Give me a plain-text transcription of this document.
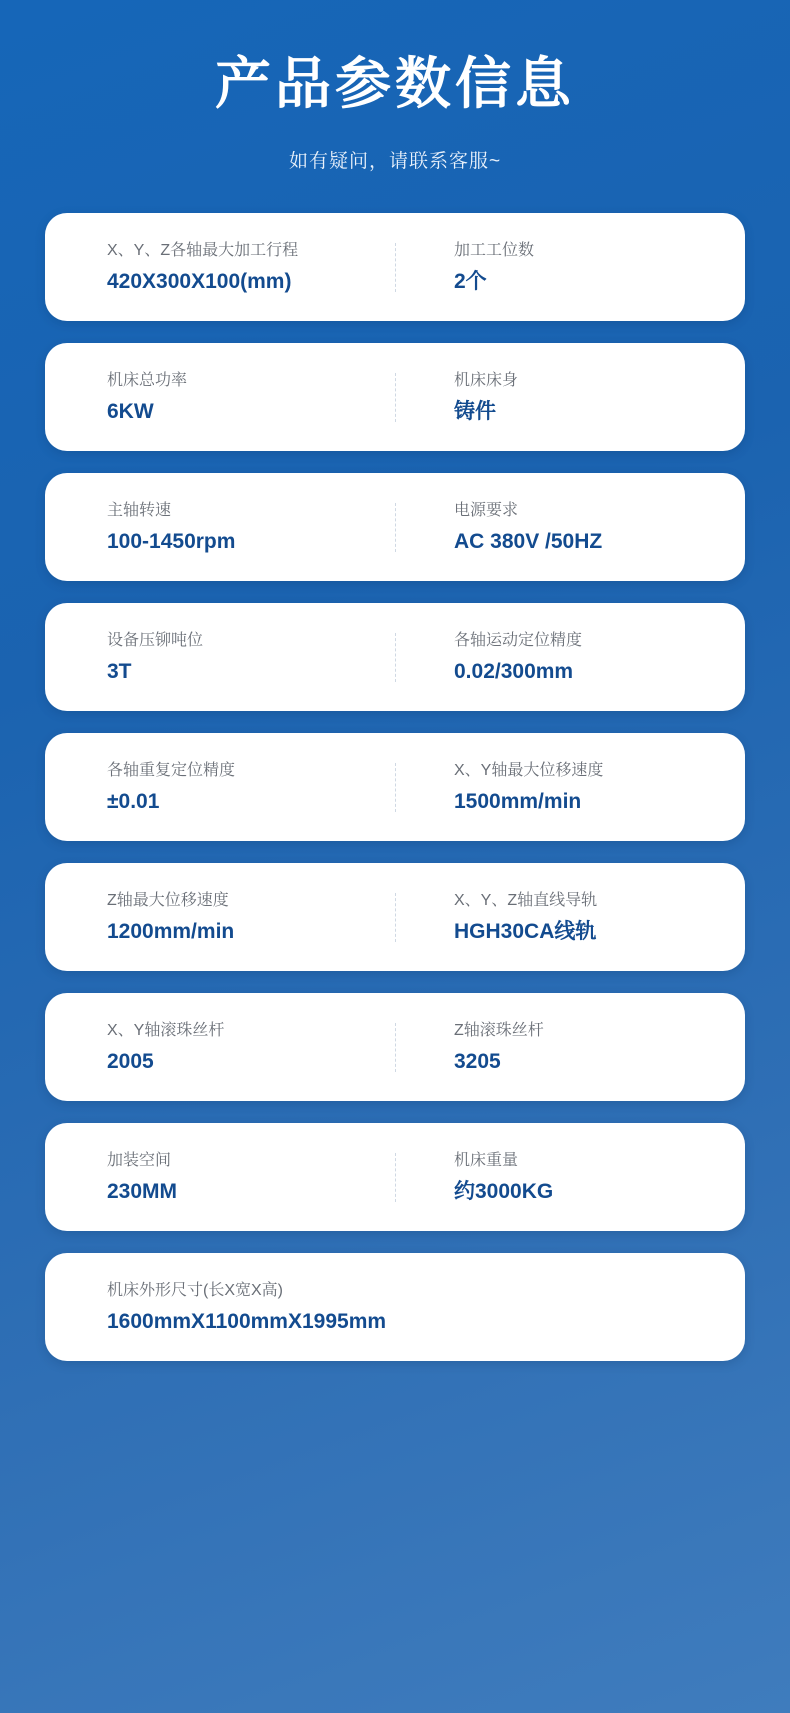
产品参数信息
如有疑问，请联系客服~
X、Y、Z各轴最大加工行程
420X300X100(mm)
加工工位数
2个
机床总功率
6KW
机床床身
铸件
主轴转速
100-1450rpm
电源要求
AC 380V /50HZ
设备压铆吨位
3T
各轴运动定位精度
0.02/300mm
各轴重复定位精度
±0.01
X、Y轴最大位移速度
1500mm/min
Z轴最大位移速度
1200mm/min
X、Y、Z轴直线导轨
HGH30CA线轨
X、Y轴滚珠丝杆
2005
Z轴滚珠丝杆
3205
加装空间
230MM
机床重量
约3000KG
机床外形尺寸(长X宽X高)
1600mmX1100mmX1995mm
